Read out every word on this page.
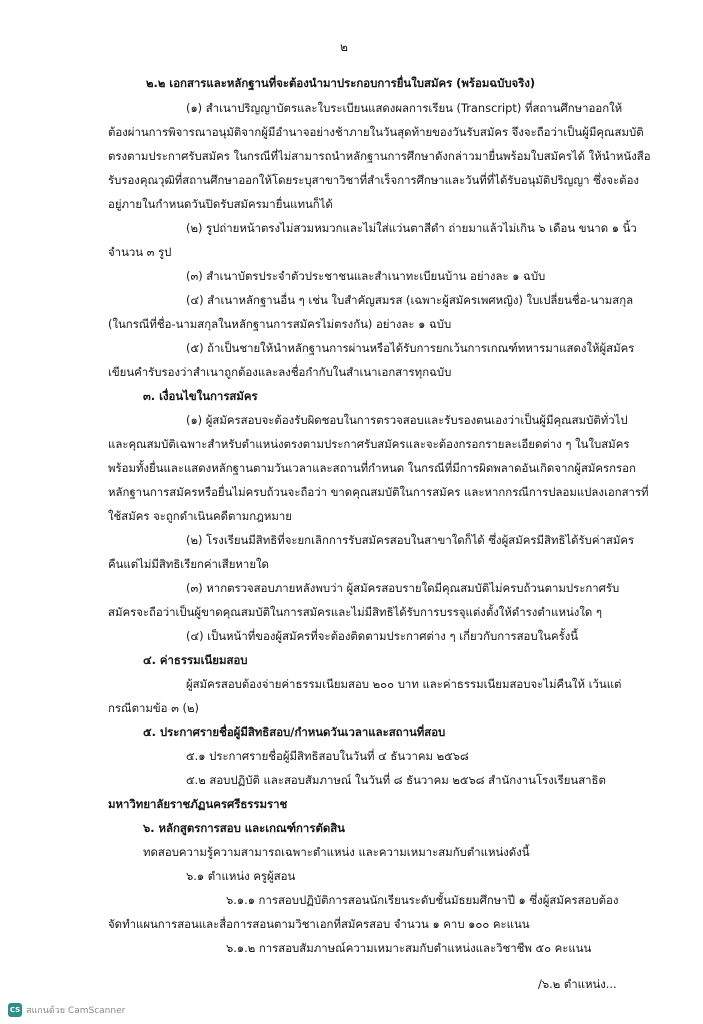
๒
๒.๒ เอกสารและหลักฐานที่จะต้องนำมาประกอบการยื่นใบสมัคร (พร้อมฉบับจริง)
(๑) สำเนาปริญญาบัตรและใบระเบียนแสดงผลการเรียน (Transcript) ที่สถานศึกษาออกให้
ต้องผ่านการพิจารณาอนุมัติจากผู้มีอำนาจอย่างช้าภายในวันสุดท้ายของวันรับสมัคร จึงจะถือว่าเป็นผู้มีคุณสมบัติ
ตรงตามประกาศรับสมัคร ในกรณีที่ไม่สามารถนำหลักฐานการศึกษาดังกล่าวมายื่นพร้อมใบสมัครได้ ให้นำหนังสือ
รับรองคุณวุฒิที่สถานศึกษาออกให้โดยระบุสาขาวิชาที่สำเร็จการศึกษาและวันที่ที่ได้รับอนุมัติปริญญา ซึ่งจะต้อง
อยู่ภายในกำหนดวันปิดรับสมัครมายื่นแทนก็ได้
(๒) รูปถ่ายหน้าตรงไม่สวมหมวกและไม่ใส่แว่นตาสีดำ ถ่ายมาแล้วไม่เกิน ๖ เดือน ขนาด ๑ นิ้ว
จำนวน ๓ รูป
(๓) สำเนาบัตรประจำตัวประชาชนและสำเนาทะเบียนบ้าน อย่างละ ๑ ฉบับ
(๔) สำเนาหลักฐานอื่น ๆ เช่น ใบสำคัญสมรส (เฉพาะผู้สมัครเพศหญิง) ใบเปลี่ยนชื่อ-นามสกุล
(ในกรณีที่ชื่อ-นามสกุลในหลักฐานการสมัครไม่ตรงกัน) อย่างละ ๑ ฉบับ
(๕) ถ้าเป็นชายให้นำหลักฐานการผ่านหรือได้รับการยกเว้นการเกณฑ์ทหารมาแสดงให้ผู้สมัคร
เขียนคำรับรองว่าสำเนาถูกต้องและลงชื่อกำกับในสำเนาเอกสารทุกฉบับ
๓. เงื่อนไขในการสมัคร
(๑) ผู้สมัครสอบจะต้องรับผิดชอบในการตรวจสอบและรับรองตนเองว่าเป็นผู้มีคุณสมบัติทั่วไป
และคุณสมบัติเฉพาะสำหรับตำแหน่งตรงตามประกาศรับสมัครและจะต้องกรอกรายละเอียดต่าง ๆ ในใบสมัคร
พร้อมทั้งยื่นและแสดงหลักฐานตามวันเวลาและสถานที่กำหนด ในกรณีที่มีการผิดพลาดอันเกิดจากผู้สมัครกรอก
หลักฐานการสมัครหรือยื่นไม่ครบถ้วนจะถือว่า ขาดคุณสมบัติในการสมัคร และหากกรณีการปลอมแปลงเอกสารที่
ใช้สมัคร จะถูกดำเนินคดีตามกฎหมาย
(๒) โรงเรียนมีสิทธิที่จะยกเลิกการรับสมัครสอบในสาขาใดก็ได้ ซึ่งผู้สมัครมีสิทธิได้รับค่าสมัคร
คืนแต่ไม่มีสิทธิเรียกค่าเสียหายใด
(๓) หากตรวจสอบภายหลังพบว่า ผู้สมัครสอบรายใดมีคุณสมบัติไม่ครบถ้วนตามประกาศรับ
สมัครจะถือว่าเป็นผู้ขาดคุณสมบัติในการสมัครและไม่มีสิทธิได้รับการบรรจุแต่งตั้งให้ดำรงตำแหน่งใด ๆ
(๔) เป็นหน้าที่ของผู้สมัครที่จะต้องติดตามประกาศต่าง ๆ เกี่ยวกับการสอบในครั้งนี้
๔. ค่าธรรมเนียมสอบ
ผู้สมัครสอบต้องจ่ายค่าธรรมเนียมสอบ ๒๐๐ บาท และค่าธรรมเนียมสอบจะไม่คืนให้ เว้นแต่
กรณีตามข้อ ๓ (๒)
๕. ประกาศรายชื่อผู้มีสิทธิสอบ/กำหนดวันเวลาและสถานที่สอบ
๕.๑ ประกาศรายชื่อผู้มีสิทธิสอบในวันที่ ๔ ธันวาคม ๒๕๖๘
๕.๒ สอบปฏิบัติ และสอบสัมภาษณ์ ในวันที่ ๘ ธันวาคม ๒๕๖๘ สำนักงานโรงเรียนสาธิต
มหาวิทยาลัยราชภัฏนครศรีธรรมราช
๖. หลักสูตรการสอบ และเกณฑ์การตัดสิน
ทดสอบความรู้ความสามารถเฉพาะตำแหน่ง และความเหมาะสมกับตำแหน่งดังนี้
๖.๑ ตำแหน่ง ครูผู้สอน
๖.๑.๑ การสอบปฏิบัติการสอนนักเรียนระดับชั้นมัธยมศึกษาปี ๑ ซึ่งผู้สมัครสอบต้อง
จัดทำแผนการสอนและสื่อการสอนตามวิชาเอกที่สมัครสอบ จำนวน ๑ คาบ ๑๐๐ คะแนน
๖.๑.๒ การสอบสัมภาษณ์ความเหมาะสมกับตำแหน่งและวิชาชีพ ๕๐ คะแนน
/๖.๒ ตำแหน่ง...
CS สแกนด้วย CamScanner
